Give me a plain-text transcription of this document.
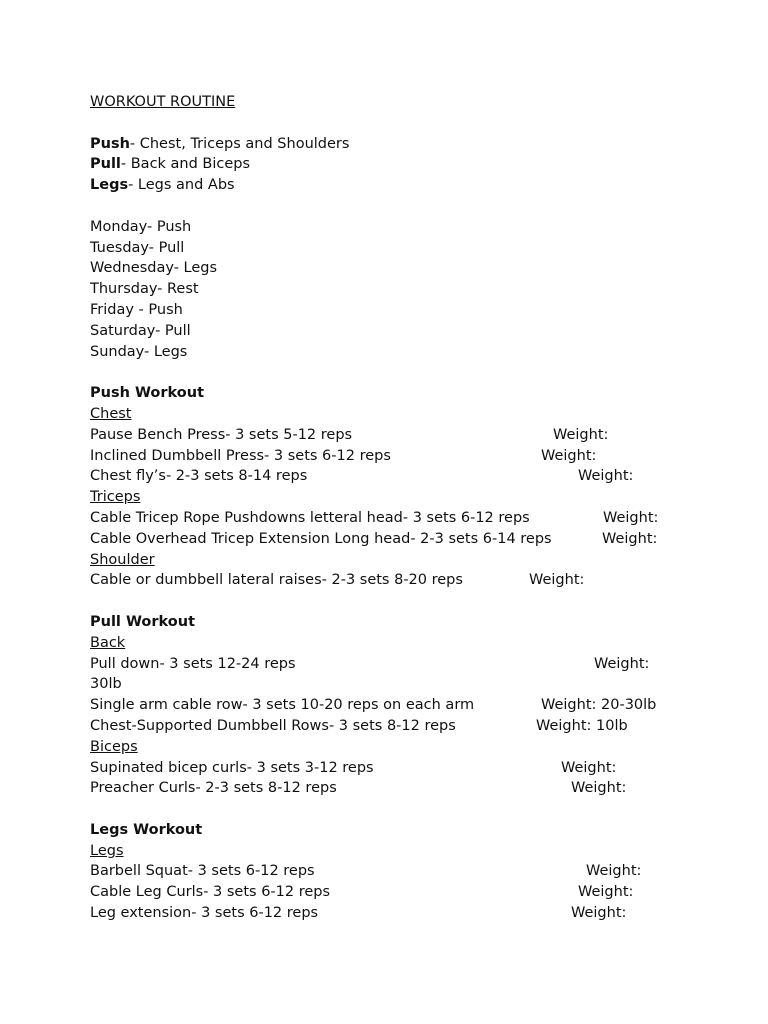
WORKOUT ROUTINE
Push- Chest, Triceps and Shoulders
Pull- Back and Biceps
Legs- Legs and Abs
Monday- Push
Tuesday- Pull
Wednesday- Legs
Thursday- Rest
Friday - Push
Saturday- Pull
Sunday- Legs
Push Workout
Chest
Pause Bench Press- 3 sets 5-12 reps	Weight:
Inclined Dumbbell Press- 3 sets 6-12 reps	Weight:
Chest fly’s- 2-3 sets 8-14 reps	Weight:
Triceps
Cable Tricep Rope Pushdowns letteral head- 3 sets 6-12 reps	Weight:
Cable Overhead Tricep Extension Long head- 2-3 sets 6-14 reps	Weight:
Shoulder
Cable or dumbbell lateral raises- 2-3 sets 8-20 reps	Weight:
Pull Workout
Back
Pull down- 3 sets 12-24 reps	Weight:
30lb
Single arm cable row- 3 sets 10-20 reps on each arm	Weight: 20-30lb
Chest-Supported Dumbbell Rows- 3 sets 8-12 reps	Weight: 10lb
Biceps
Supinated bicep curls- 3 sets 3-12 reps	Weight:
Preacher Curls- 2-3 sets 8-12 reps	Weight:
Legs Workout
Legs
Barbell Squat- 3 sets 6-12 reps	Weight:
Cable Leg Curls- 3 sets 6-12 reps	Weight:
Leg extension- 3 sets 6-12 reps	Weight:
